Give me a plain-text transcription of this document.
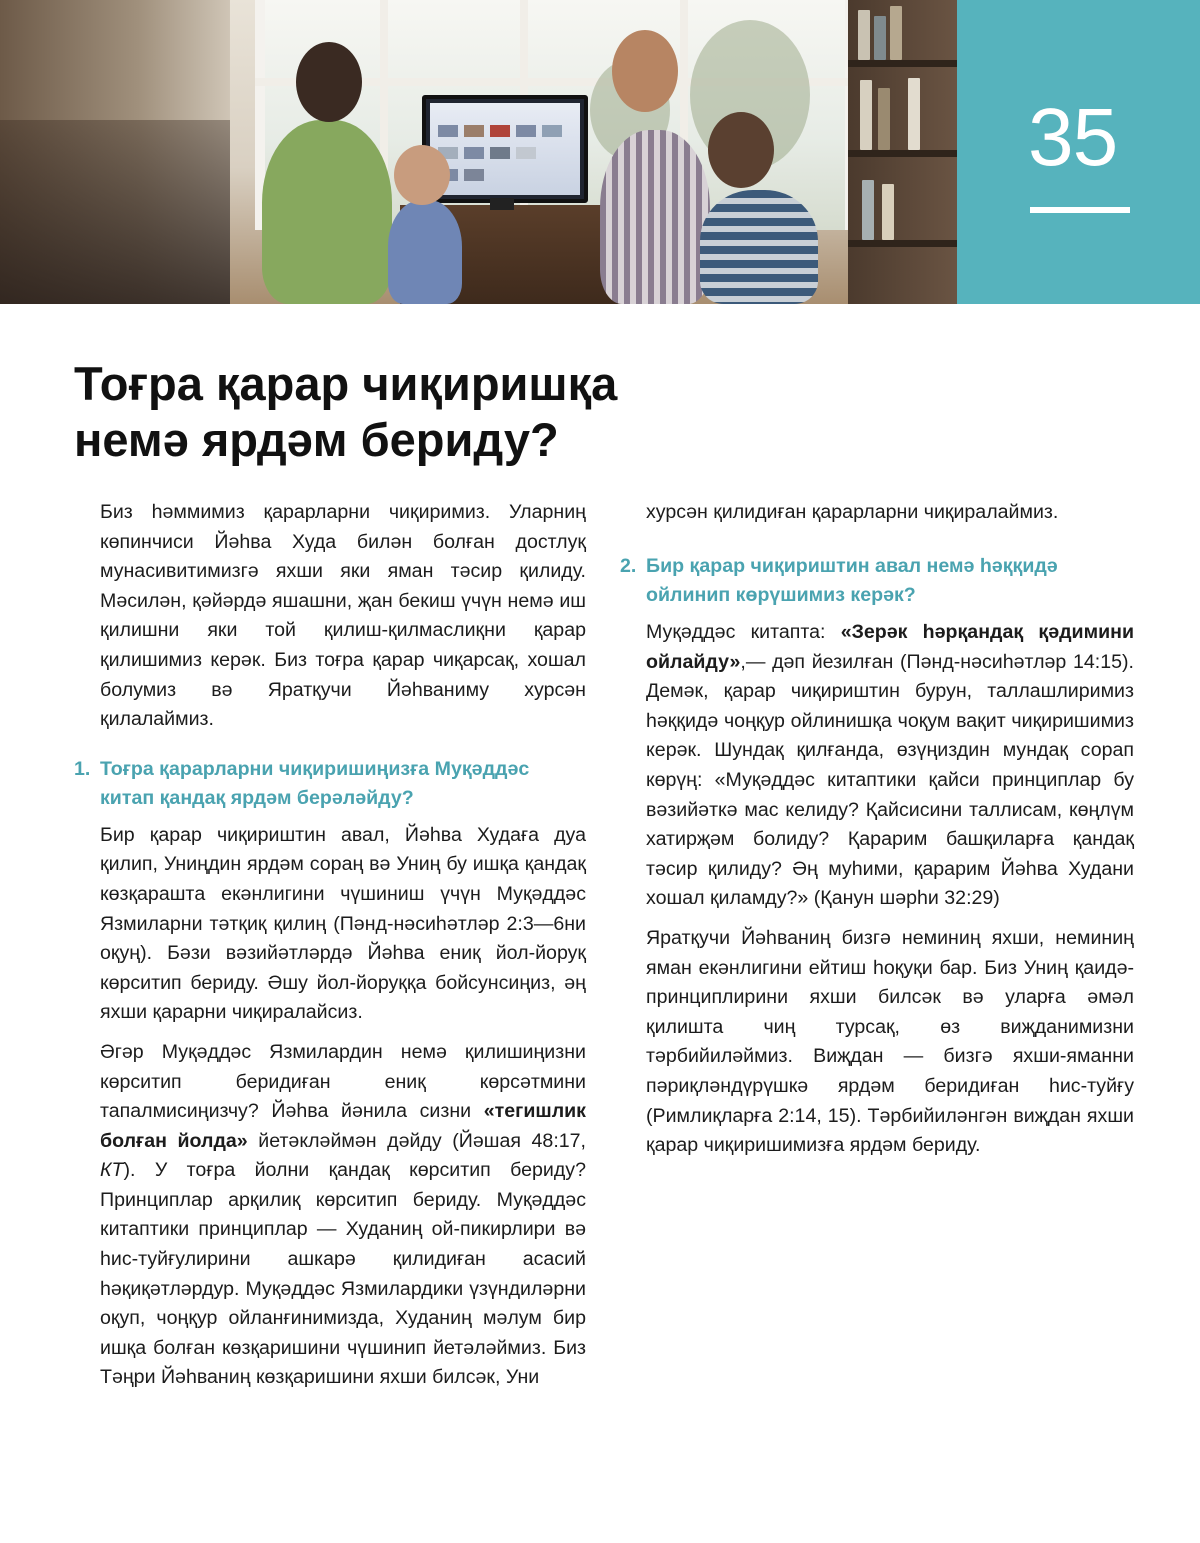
35
Тоғра қарар чиқиришқа
немә ярдәм бериду?

Биз һәммимиз қарарларни чиқиримиз. Уларниң көпинчиси Йәһва Худа билән болған достлуқ мунасивитимизгә яхши яки яман тәсир қилиду. Мәсилән, қәйәрдә яшашни, җан бекиш үчүн немә иш қилишни яки той қилиш-қилмаслиқни қарар қилишимиз керәк. Биз тоғра қарар чиқарсақ, хошал болумиз вә Яратқучи Йәһваниму хурсән қилалаймиз.

1. Тоғра қарарларни чиқиришиңизға Муқәддәс китап қандақ ярдәм берәләйду?

Бир қарар чиқириштин авал, Йәһва Худаға дуа қилип, Униңдин ярдәм сораң вә Униң бу ишқа қандақ көзқараштa екәнлигини чүшиниш үчүн Муқәддәс Язмиларни тәтқиқ қилиң (Пәнд-нәсиһәтләр 2:3—6ни оқуң). Бәзи вәзийәтләрдә Йәһва ениқ йол-йоруқ көрситип бериду. Әшу йол-йоруққа бойсунсиңиз, әң яхши қарарни чиқиралайсиз.

Әгәр Муқәддәс Язмилардин немә қилишиңизни көрситип беридиған ениқ көрсәтмини тапалмисиңизчу? Йәһва йәнила сизни «тегишлик болған йолда» йетәкләймән дәйду (Йәшая 48:17, КТ). У тоғра йолни қандақ көрситип бериду? Принциплар арқилиқ көрситип бериду. Муқәддәс китаптики принциплар — Худаниң ой-пикирлири вә һис-туйғулирини ашкарә қилидиған асасий һәқиқәтләрдур. Муқәддәс Язмилардики үзүндиләрни оқуп, чоңқур ойланғинимизда, Худаниң мәлум бир ишқа болған көзқаришини чүшинип йетәләймиз. Биз Тәңри Йәһваниң көзқаришини яхши билсәк, Уни

хурсән қилидиған қарарларни чиқиралаймиз.

2. Бир қарар чиқириштин авал немә һәққидә ойлинип көрүшимиз керәк?

Муқәддәс китапта: «Зерәк һәрқандақ қәдимини ойлайду»,— дәп йезилған (Пәнд-нәсиһәтләр 14:15). Демәк, қарар чиқириштин бурун, таллашлиримиз һәққидә чоңқур ойлинишқа чоқум вақит чиқиришимиз керәк. Шундақ қилғанда, өзүңиздин мундақ сорап көрүң: «Муқәддәс китаптики қайси принциплар бу вәзийәткә мас келиду? Қайсисини таллисам, көңлүм хатирҗәм болиду? Қарарим башқиларға қандақ тәсир қилиду? Әң муһими, қарарим Йәһва Худани хошал қиламду?» (Қанун шәрһи 32:29)

Яратқучи Йәһваниң бизгә неминиң яхши, неминиң яман екәнлигини ейтиш һоқуқи бар. Биз Униң қаидә-принциплирини яхши билсәк вә уларға әмәл қилишта чиң турсақ, өз виҗданимизни тәрбийиләймиз. Виҗдан — бизгә яхши-яманни пәриқләндүрүшкә ярдәм беридиған һис-туйғу (Римлиқларға 2:14, 15). Тәрбийиләнгән виҗдан яхши қарар чиқиришимизға ярдәм бериду.
